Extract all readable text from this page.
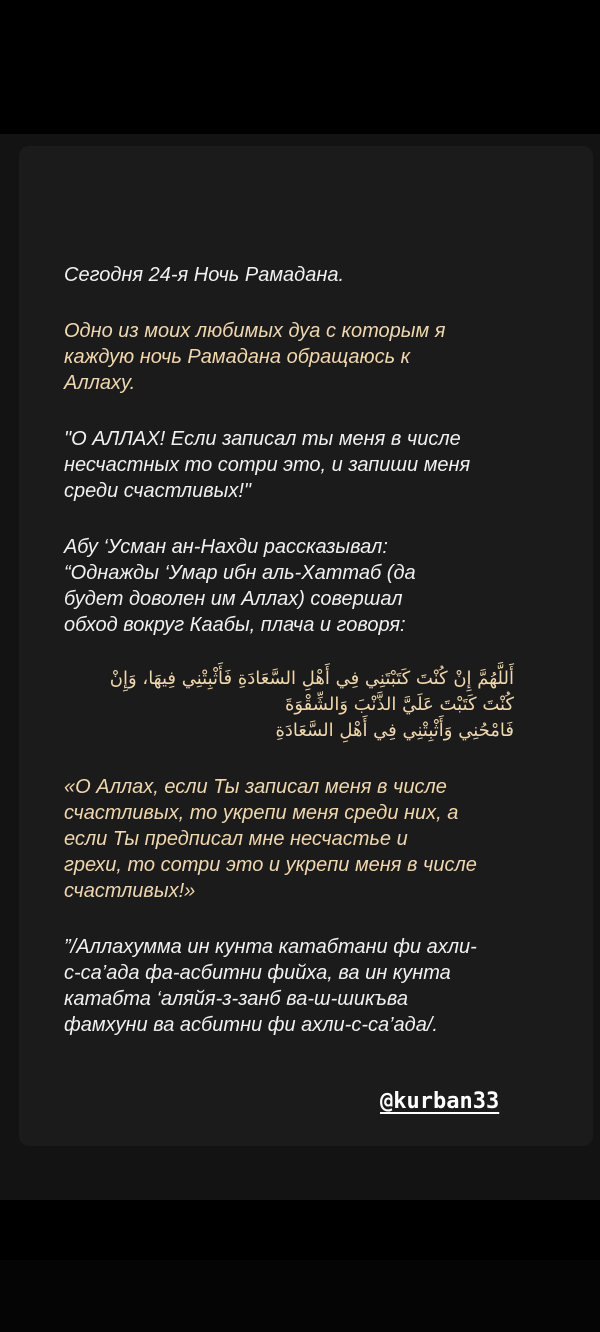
Сегодня 24-я Ночь Рамадана.

Одно из моих любимых дуа с которым я
каждую ночь Рамадана обращаюсь к
Аллаху.

"О АЛЛАХ! Если записал ты меня в числе
несчастных то сотри это, и запиши меня
среди счастливых!"

Абу ‘Усман ан-Нахди рассказывал:
“Однажды ‘Умар ибн аль-Хаттаб (да
будет доволен им Аллах) совершал
обход вокруг Каабы, плача и говоря:

أَللَّهُمَّ إِنْ كُنْتَ كَتَبْتَنِي فِي أَهْلِ السَّعَادَةِ فَأَثْبِتْنِي فِيهَا، وَإِنْ
كُنْتَ كَتَبْتَ عَلَيَّ الذَّنْبَ وَالشِّقْوَةَ
فَامْحُنِي وَأَثْبِتْنِي فِي أَهْلِ السَّعَادَةِ

«О Аллах, если Ты записал меня в числе
счастливых, то укрепи меня среди них, а
если Ты предписал мне несчастье и
грехи, то сотри это и укрепи меня в числе
счастливых!»

”/Аллахумма ин кунта катабтани фи ахли-
с-са’ада фа-асбитни фийха, ва ин кунта
катабта ‘аляйя-з-занб ва-ш-шикъва
фамхуни ва асбитни фи ахли-с-са’ада/.

@kurban33
